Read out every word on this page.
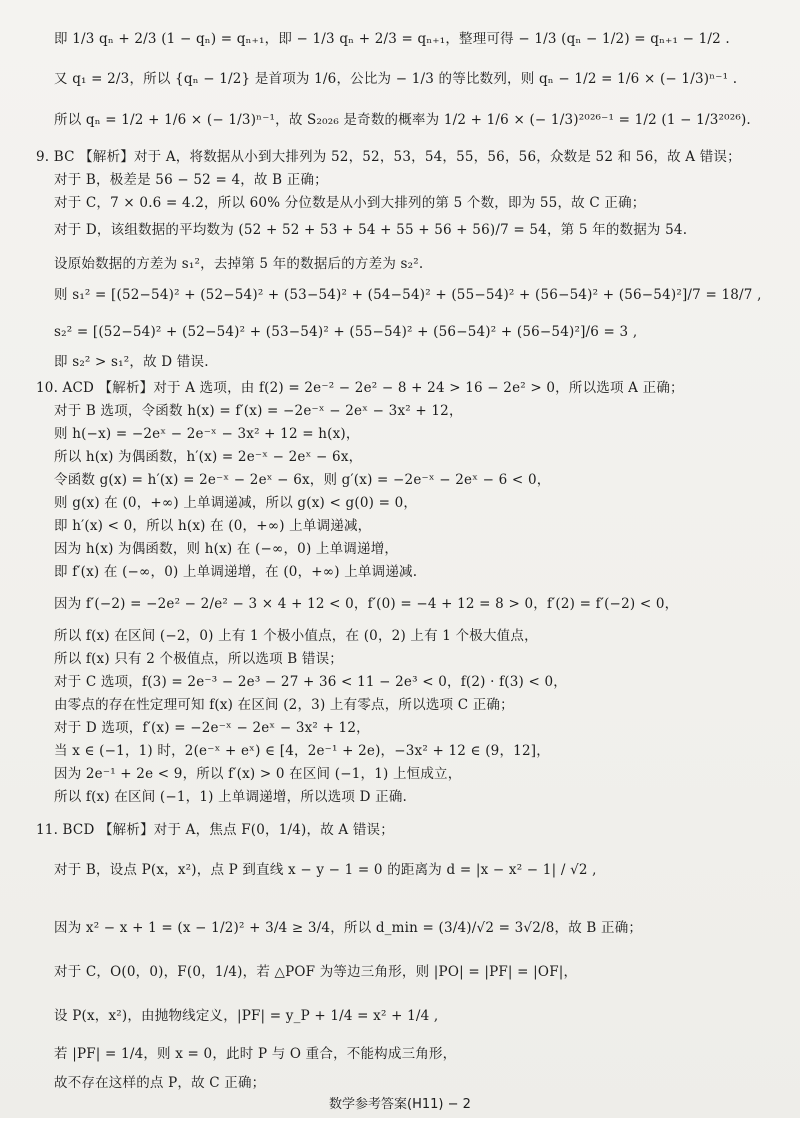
即 1/3 qₙ + 2/3 (1 − qₙ) = qₙ₊₁，即 − 1/3 qₙ + 2/3 = qₙ₊₁，整理可得 − 1/3 (qₙ − 1/2) = qₙ₊₁ − 1/2 .
又 q₁ = 2/3，所以 {qₙ − 1/2} 是首项为 1/6，公比为 − 1/3 的等比数列，则 qₙ − 1/2 = 1/6 × (− 1/3)ⁿ⁻¹ .
所以 qₙ = 1/2 + 1/6 × (− 1/3)ⁿ⁻¹，故 S₂₀₂₆ 是奇数的概率为 1/2 + 1/6 × (− 1/3)²⁰²⁶⁻¹ = 1/2 (1 − 1/3²⁰²⁶).
9. BC 【解析】对于 A，将数据从小到大排列为 52，52，53，54，55，56，56，众数是 52 和 56，故 A 错误；
对于 B，极差是 56 − 52 = 4，故 B 正确；
对于 C，7 × 0.6 = 4.2，所以 60% 分位数是从小到大排列的第 5 个数，即为 55，故 C 正确；
对于 D，该组数据的平均数为 (52 + 52 + 53 + 54 + 55 + 56 + 56)/7 = 54，第 5 年的数据为 54.
设原始数据的方差为 s₁²，去掉第 5 年的数据后的方差为 s₂².
则 s₁² = [(52−54)² + (52−54)² + (53−54)² + (54−54)² + (55−54)² + (56−54)² + (56−54)²]/7 = 18/7 ,
s₂² = [(52−54)² + (52−54)² + (53−54)² + (55−54)² + (56−54)² + (56−54)²]/6 = 3 ,
即 s₂² > s₁²，故 D 错误.
10. ACD 【解析】对于 A 选项，由 f(2) = 2e⁻² − 2e² − 8 + 24 > 16 − 2e² > 0，所以选项 A 正确；
对于 B 选项，令函数 h(x) = f′(x) = −2e⁻ˣ − 2eˣ − 3x² + 12，
则 h(−x) = −2eˣ − 2e⁻ˣ − 3x² + 12 = h(x)，
所以 h(x) 为偶函数，h′(x) = 2e⁻ˣ − 2eˣ − 6x，
令函数 g(x) = h′(x) = 2e⁻ˣ − 2eˣ − 6x，则 g′(x) = −2e⁻ˣ − 2eˣ − 6 < 0，
则 g(x) 在 (0，+∞) 上单调递减，所以 g(x) < g(0) = 0，
即 h′(x) < 0，所以 h(x) 在 (0，+∞) 上单调递减，
因为 h(x) 为偶函数，则 h(x) 在 (−∞，0) 上单调递增，
即 f′(x) 在 (−∞，0) 上单调递增，在 (0，+∞) 上单调递减.
因为 f′(−2) = −2e² − 2/e² − 3 × 4 + 12 < 0，f′(0) = −4 + 12 = 8 > 0，f′(2) = f′(−2) < 0，
所以 f(x) 在区间 (−2，0) 上有 1 个极小值点，在 (0，2) 上有 1 个极大值点，
所以 f(x) 只有 2 个极值点，所以选项 B 错误；
对于 C 选项，f(3) = 2e⁻³ − 2e³ − 27 + 36 < 11 − 2e³ < 0，f(2) · f(3) < 0，
由零点的存在性定理可知 f(x) 在区间 (2，3) 上有零点，所以选项 C 正确；
对于 D 选项，f′(x) = −2e⁻ˣ − 2eˣ − 3x² + 12，
当 x ∈ (−1，1) 时，2(e⁻ˣ + eˣ) ∈ [4，2e⁻¹ + 2e)，−3x² + 12 ∈ (9，12]，
因为 2e⁻¹ + 2e < 9，所以 f′(x) > 0 在区间 (−1，1) 上恒成立，
所以 f(x) 在区间 (−1，1) 上单调递增，所以选项 D 正确.
11. BCD 【解析】对于 A，焦点 F(0，1/4)，故 A 错误；
对于 B，设点 P(x，x²)，点 P 到直线 x − y − 1 = 0 的距离为 d = |x − x² − 1| / √2 ,
因为 x² − x + 1 = (x − 1/2)² + 3/4 ≥ 3/4，所以 d_min = (3/4)/√2 = 3√2/8，故 B 正确；
对于 C，O(0，0)，F(0，1/4)，若 △POF 为等边三角形，则 |PO| = |PF| = |OF|，
设 P(x，x²)，由抛物线定义，|PF| = y_P + 1/4 = x² + 1/4 ,
若 |PF| = 1/4，则 x = 0，此时 P 与 O 重合，不能构成三角形，
故不存在这样的点 P，故 C 正确；
数学参考答案(H11) − 2
